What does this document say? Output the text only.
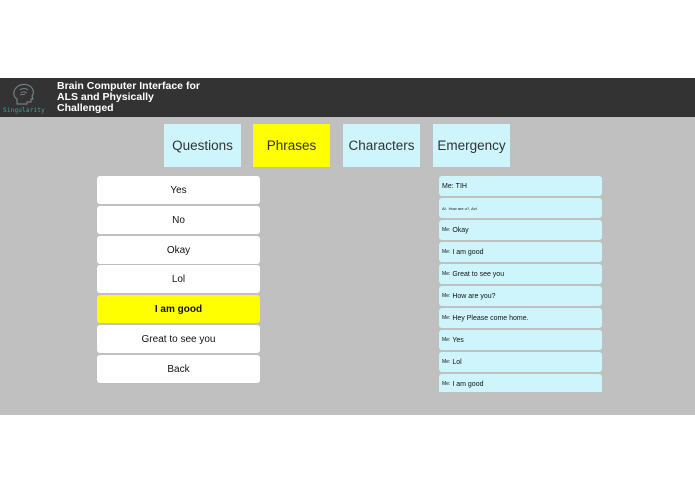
Singularity
Brain Computer Interface for
ALS and Physically
Challenged
Questions	Phrases	Characters	Emergency
Yes
No
Okay
Lol
I am good
Great to see you
Back
Me: TIH
Al: How are u?, Avi
Me: Okay
Me: I am good
Me: Great to see you
Me: How are you?
Me: Hey Please come home.
Me: Yes
Me: Lol
Me: I am good
